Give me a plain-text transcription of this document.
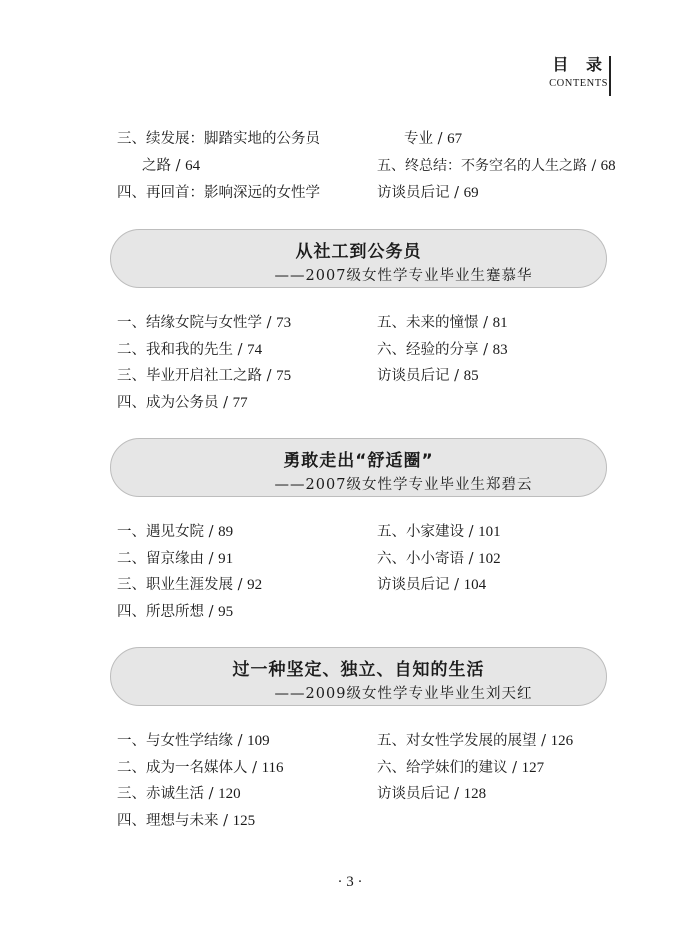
目 录
CONTENTS
三、续发展：脚踏实地的公务员
之路 / 64
四、再回首：影响深远的女性学
专业 / 67
五、终总结：不务空名的人生之路 / 68
访谈员后记 / 69
从社工到公务员
——2007级女性学专业毕业生蹇慕华
一、结缘女院与女性学 / 73
二、我和我的先生 / 74
三、毕业开启社工之路 / 75
四、成为公务员 / 77
五、未来的憧憬 / 81
六、经验的分享 / 83
访谈员后记 / 85
勇敢走出“舒适圈”
——2007级女性学专业毕业生郑碧云
一、遇见女院 / 89
二、留京缘由 / 91
三、职业生涯发展 / 92
四、所思所想 / 95
五、小家建设 / 101
六、小小寄语 / 102
访谈员后记 / 104
过一种坚定、独立、自知的生活
——2009级女性学专业毕业生刘天红
一、与女性学结缘 / 109
二、成为一名媒体人 / 116
三、赤诚生活 / 120
四、理想与未来 / 125
五、对女性学发展的展望 / 126
六、给学妹们的建议 / 127
访谈员后记 / 128
· 3 ·
